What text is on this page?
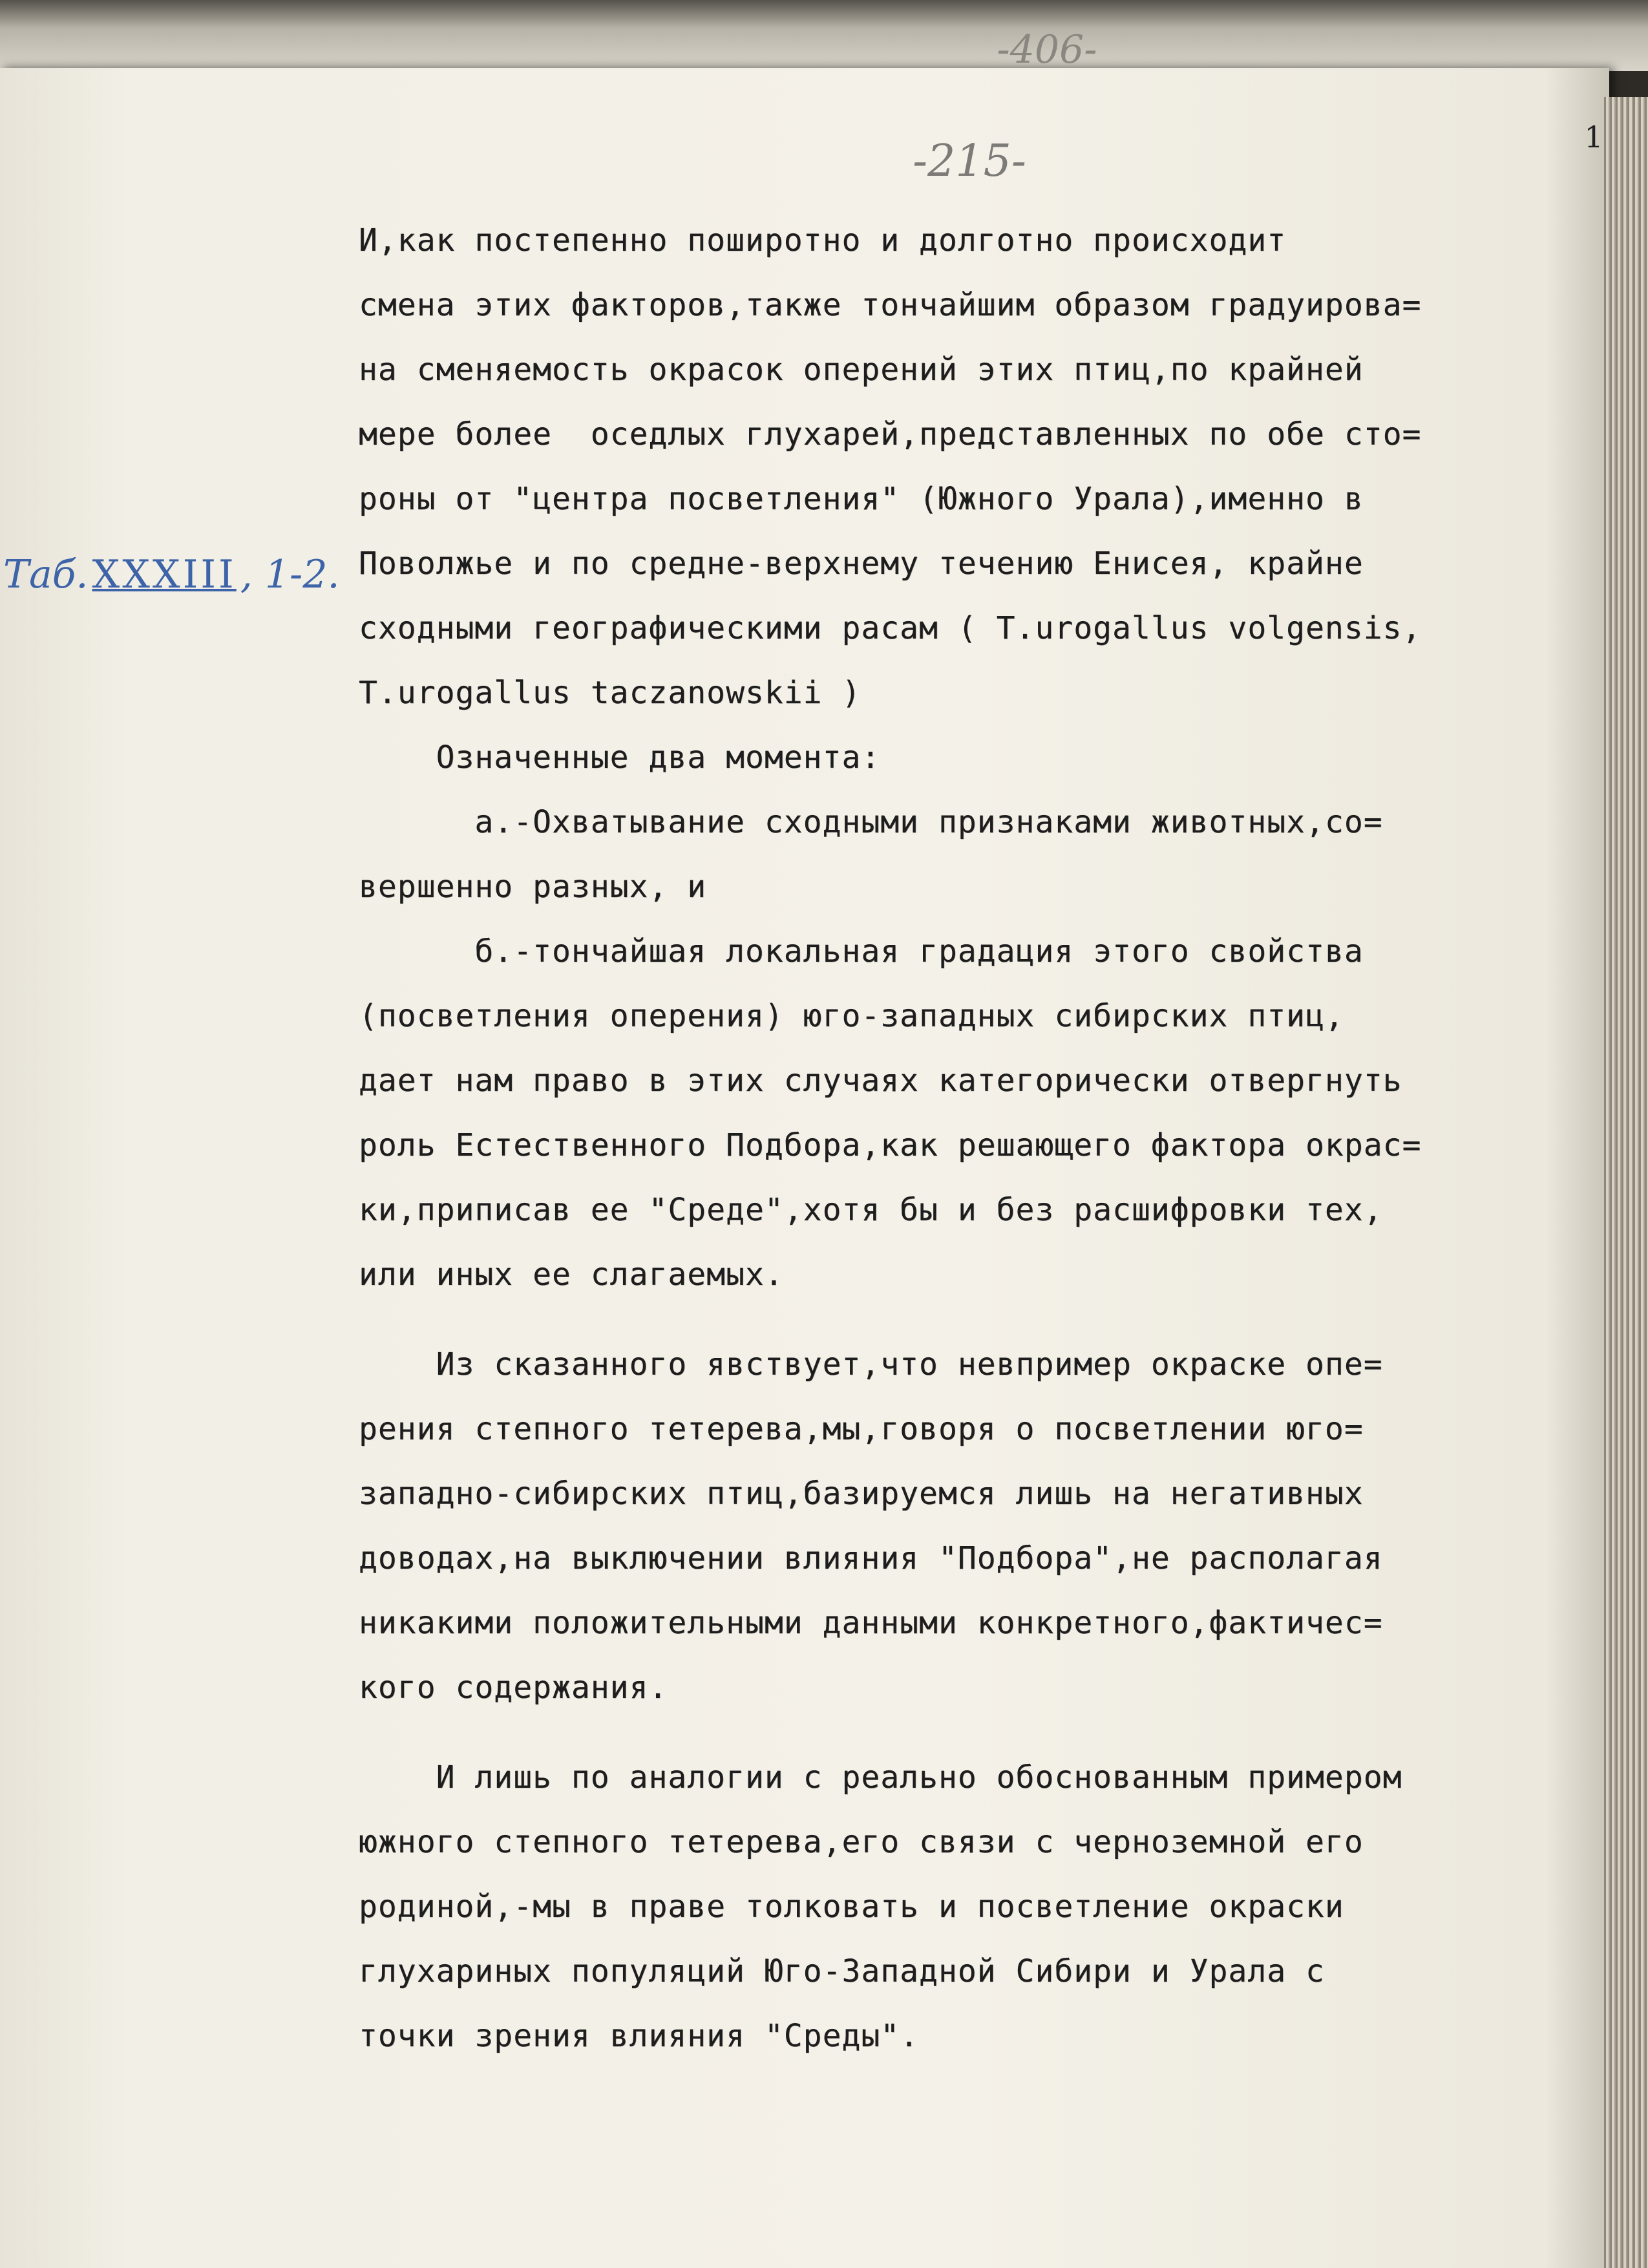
-406-
-215-	1
Таб. XXXIII , 1-2.
И,как постепенно поширотно и долготно происходит
смена этих факторов,также тончайшим образом градуирова=
на сменяемость окрасок оперений этих птиц,по крайней
мере более  оседлых глухарей,представленных по обе сто=
роны от "центра посветления" (Южного Урала),именно в
Поволжье и по средне-верхнему течению Енисея, крайне
сходными географическими расам ( T.urogallus volgensis,
T.urogallus taczanowskii )
Означенные два момента:
а.-Охватывание сходными признаками животных,со=
вершенно разных, и
б.-тончайшая локальная градация этого свойства
(посветления оперения) юго-западных сибирских птиц,
дает нам право в этих случаях категорически отвергнуть
роль Естественного Подбора,как решающего фактора окрас=
ки,приписав ее "Среде",хотя бы и без расшифровки тех,
или иных ее слагаемых.
Из сказанного явствует,что невпример окраске опе=
рения степного тетерева,мы,говоря о посветлении юго=
западно-сибирских птиц,базируемся лишь на негативных
доводах,на выключении влияния "Подбора",не располагая
никакими положительными данными конкретного,фактичес=
кого содержания.
И лишь по аналогии с реально обоснованным примером
южного степного тетерева,его связи с черноземной его
родиной,-мы в праве толковать и посветление окраски
глухариных популяций Юго-Западной Сибири и Урала с
точки зрения влияния "Среды".
